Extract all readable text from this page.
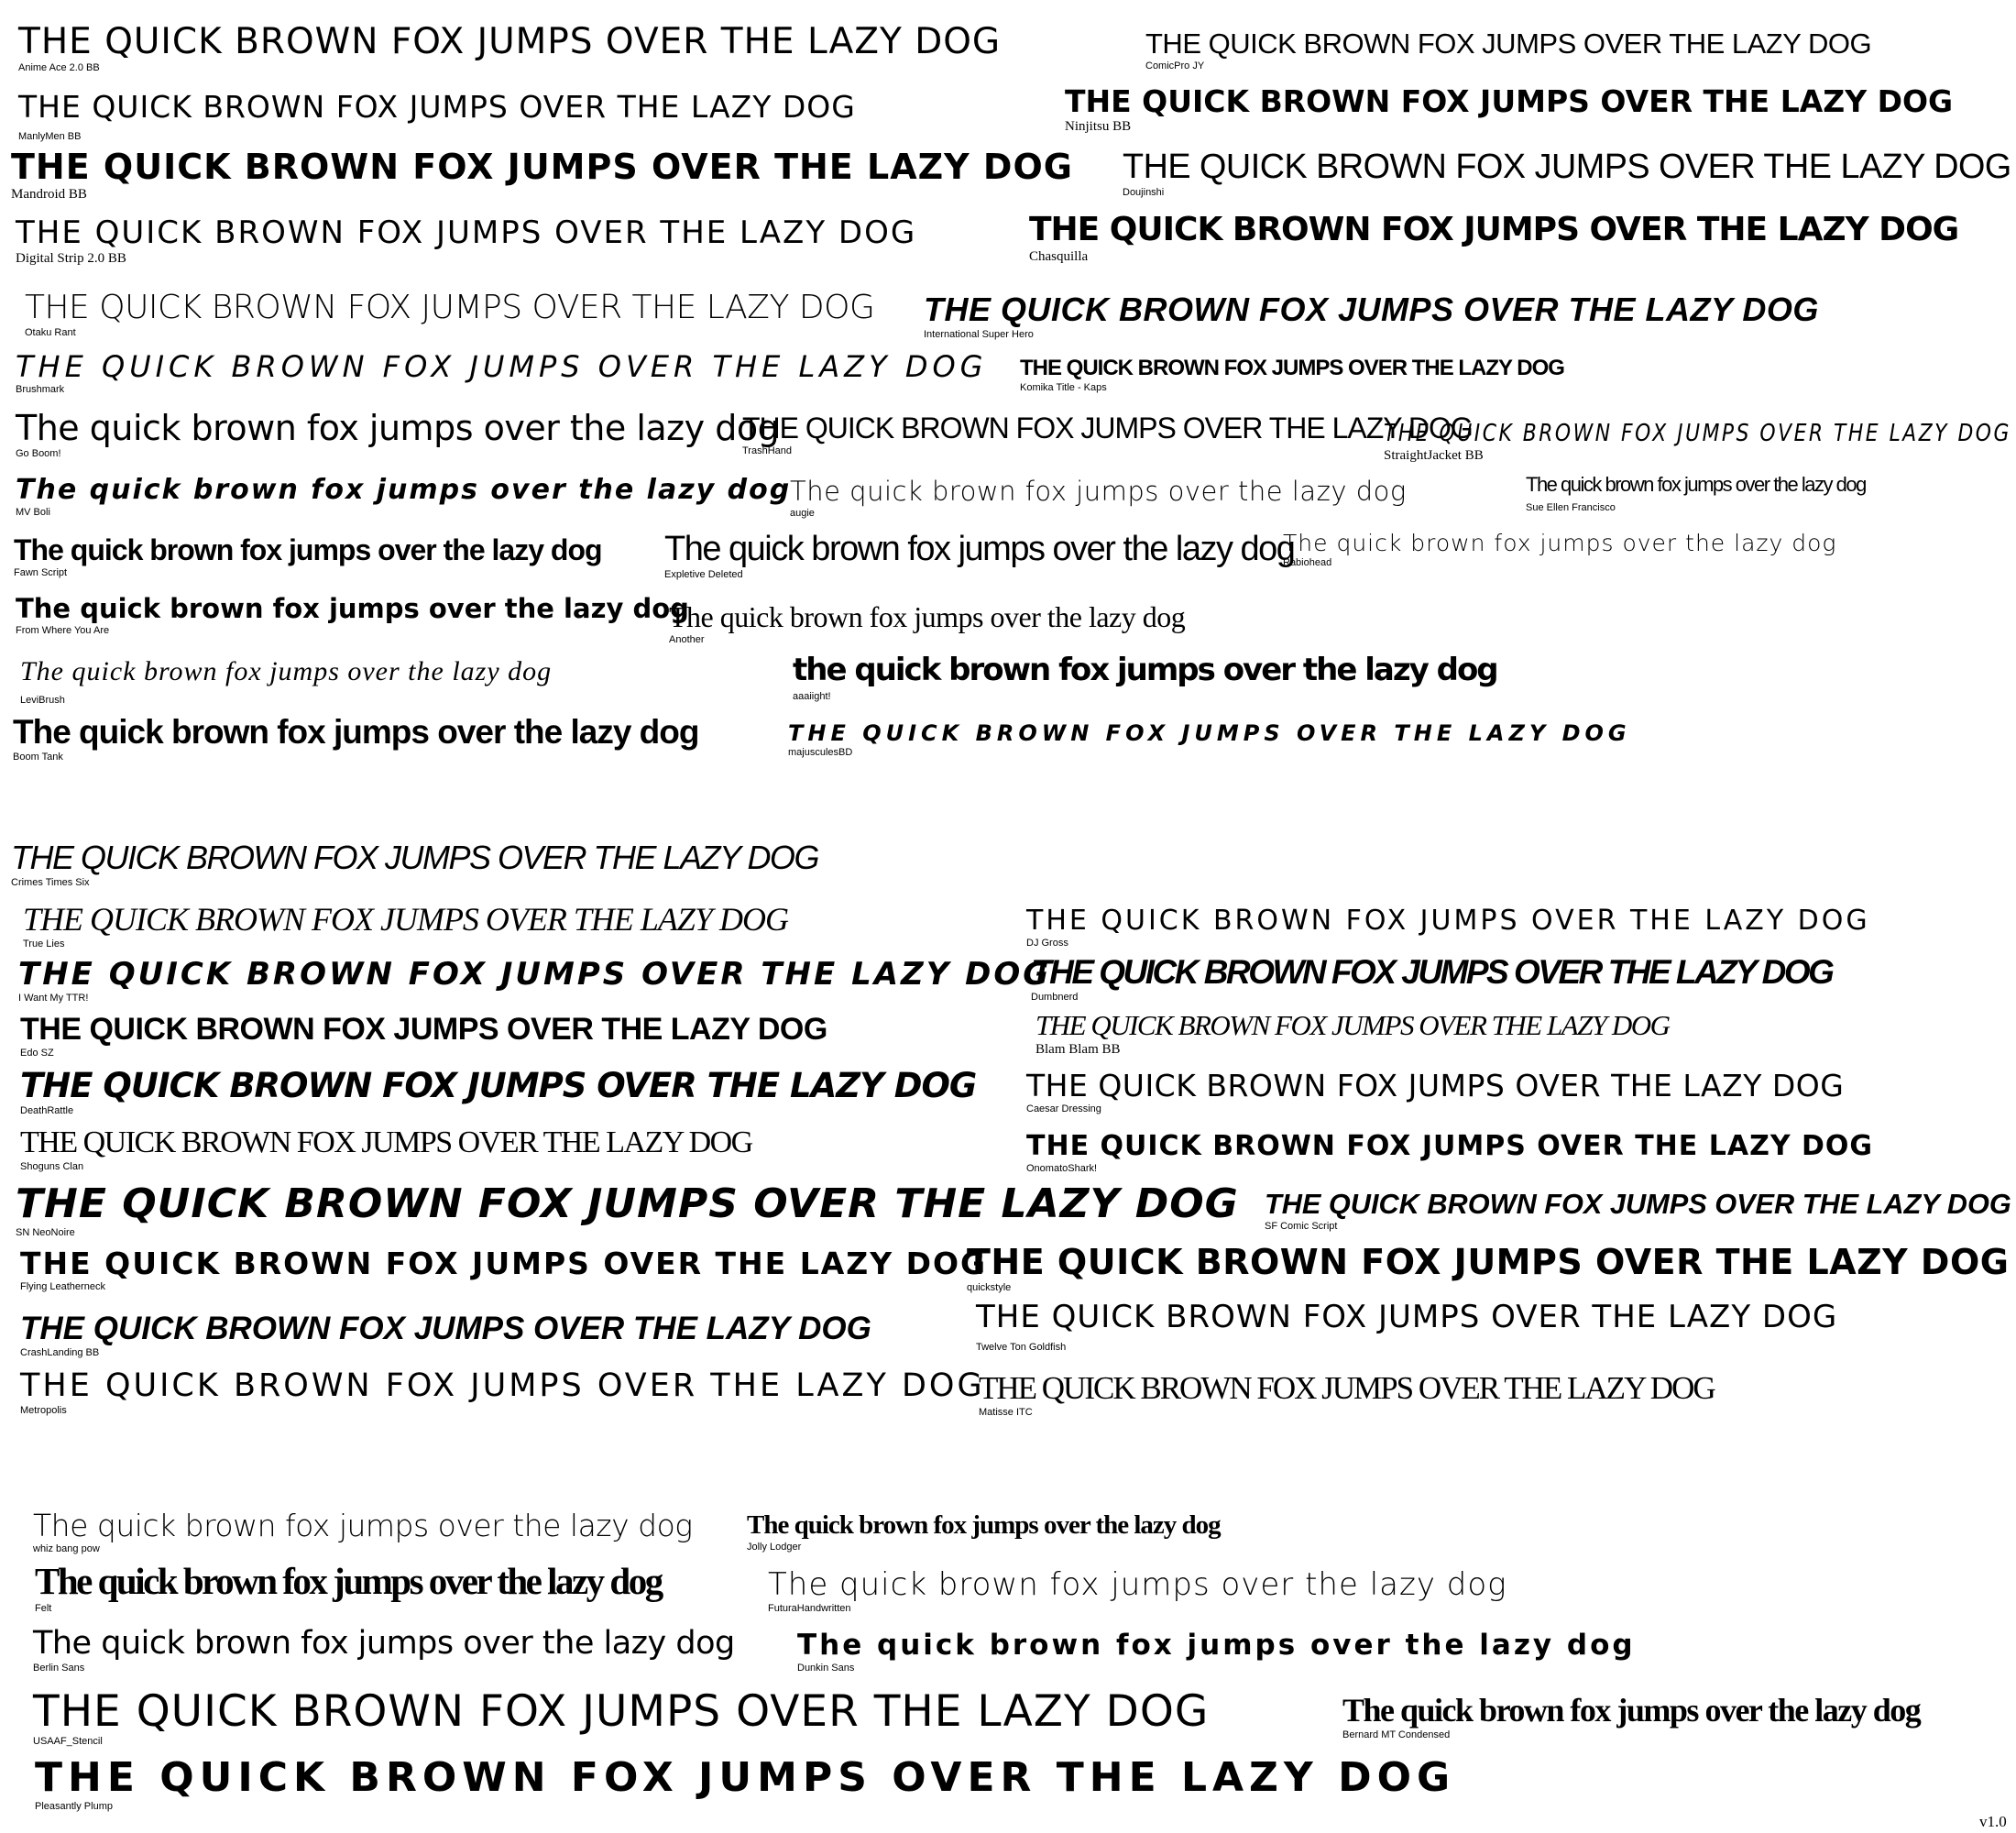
THE QUICK BROWN FOX JUMPS OVER THE LAZY DOG
Anime Ace 2.0 BB
THE QUICK BROWN FOX JUMPS OVER THE LAZY DOG
ComicPro JY
THE QUICK BROWN FOX JUMPS OVER THE LAZY DOG
ManlyMen BB
THE QUICK BROWN FOX JUMPS OVER THE LAZY DOG
Ninjitsu BB
THE QUICK BROWN FOX JUMPS OVER THE LAZY DOG
Mandroid BB
THE QUICK BROWN FOX JUMPS OVER THE LAZY DOG
Doujinshi
THE QUICK BROWN FOX JUMPS OVER THE LAZY DOG
Digital Strip 2.0 BB
THE QUICK BROWN FOX JUMPS OVER THE LAZY DOG
Chasquilla
THE QUICK BROWN FOX JUMPS OVER THE LAZY DOG
Otaku Rant
THE QUICK BROWN FOX JUMPS OVER THE LAZY DOG
International Super Hero
THE QUICK BROWN FOX JUMPS OVER THE LAZY DOG
Brushmark
THE QUICK BROWN FOX JUMPS OVER THE LAZY DOG
Komika Title - Kaps
The quick brown fox jumps over the lazy dog
Go Boom!
THE QUICK BROWN FOX JUMPS OVER THE LAZY DOG
TrashHand
THE QUICK BROWN FOX JUMPS OVER THE LAZY DOG
StraightJacket BB
The quick brown fox jumps over the lazy dog
MV Boli
The quick brown fox jumps over the lazy dog
augie
The quick brown fox jumps over the lazy dog
Sue Ellen Francisco
The quick brown fox jumps over the lazy dog
Fawn Script
The quick brown fox jumps over the lazy dog
Expletive Deleted
The quick brown fox jumps over the lazy dog
Rabiohead
The quick brown fox jumps over the lazy dog
From Where You Are	The quick brown fox jumps over the lazy dog
Another
The quick brown fox jumps over the lazy dog
LeviBrush
the quick brown fox jumps over the lazy dog
aaaiight!
The quick brown fox jumps over the lazy dog
Boom Tank
THE QUICK BROWN FOX JUMPS OVER THE LAZY DOG
majusculesBD
THE QUICK BROWN FOX JUMPS OVER THE LAZY DOG
Crimes Times Six
THE QUICK BROWN FOX JUMPS OVER THE LAZY DOG
True Lies
THE QUICK BROWN FOX JUMPS OVER THE LAZY DOG
DJ Gross
THE QUICK BROWN FOX JUMPS OVER THE LAZY DOG
I Want My TTR!
THE QUICK BROWN FOX JUMPS OVER THE LAZY DOG
Dumbnerd
THE QUICK BROWN FOX JUMPS OVER THE LAZY DOG
Edo SZ
THE QUICK BROWN FOX JUMPS OVER THE LAZY DOG
Blam Blam BB
THE QUICK BROWN FOX JUMPS OVER THE LAZY DOG
DeathRattle
THE QUICK BROWN FOX JUMPS OVER THE LAZY DOG
Caesar Dressing
THE QUICK BROWN FOX JUMPS OVER THE LAZY DOG
Shoguns Clan
THE QUICK BROWN FOX JUMPS OVER THE LAZY DOG
OnomatoShark!
THE QUICK BROWN FOX JUMPS OVER THE LAZY DOG
SN NeoNoire
THE QUICK BROWN FOX JUMPS OVER THE LAZY DOG
SF Comic Script
THE QUICK BROWN FOX JUMPS OVER THE LAZY DOG
Flying Leatherneck
THE QUICK BROWN FOX JUMPS OVER THE LAZY DOG
quickstyle
THE QUICK BROWN FOX JUMPS OVER THE LAZY DOG
CrashLanding BB
THE QUICK BROWN FOX JUMPS OVER THE LAZY DOG
Twelve Ton Goldfish
THE QUICK BROWN FOX JUMPS OVER THE LAZY DOG
Metropolis
THE QUICK BROWN FOX JUMPS OVER THE LAZY DOG
Matisse ITC
The quick brown fox jumps over the lazy dog
whiz bang pow
The quick brown fox jumps over the lazy dog
Jolly Lodger
The quick brown fox jumps over the lazy dog
Felt
The quick brown fox jumps over the lazy dog
FuturaHandwritten
The quick brown fox jumps over the lazy dog
Berlin Sans
The quick brown fox jumps over the lazy dog
Dunkin Sans
THE QUICK BROWN FOX JUMPS OVER THE LAZY DOG
USAAF_Stencil
The quick brown fox jumps over the lazy dog
Bernard MT Condensed
THE QUICK BROWN FOX JUMPS OVER THE LAZY DOG
Pleasantly Plump
v1.0
